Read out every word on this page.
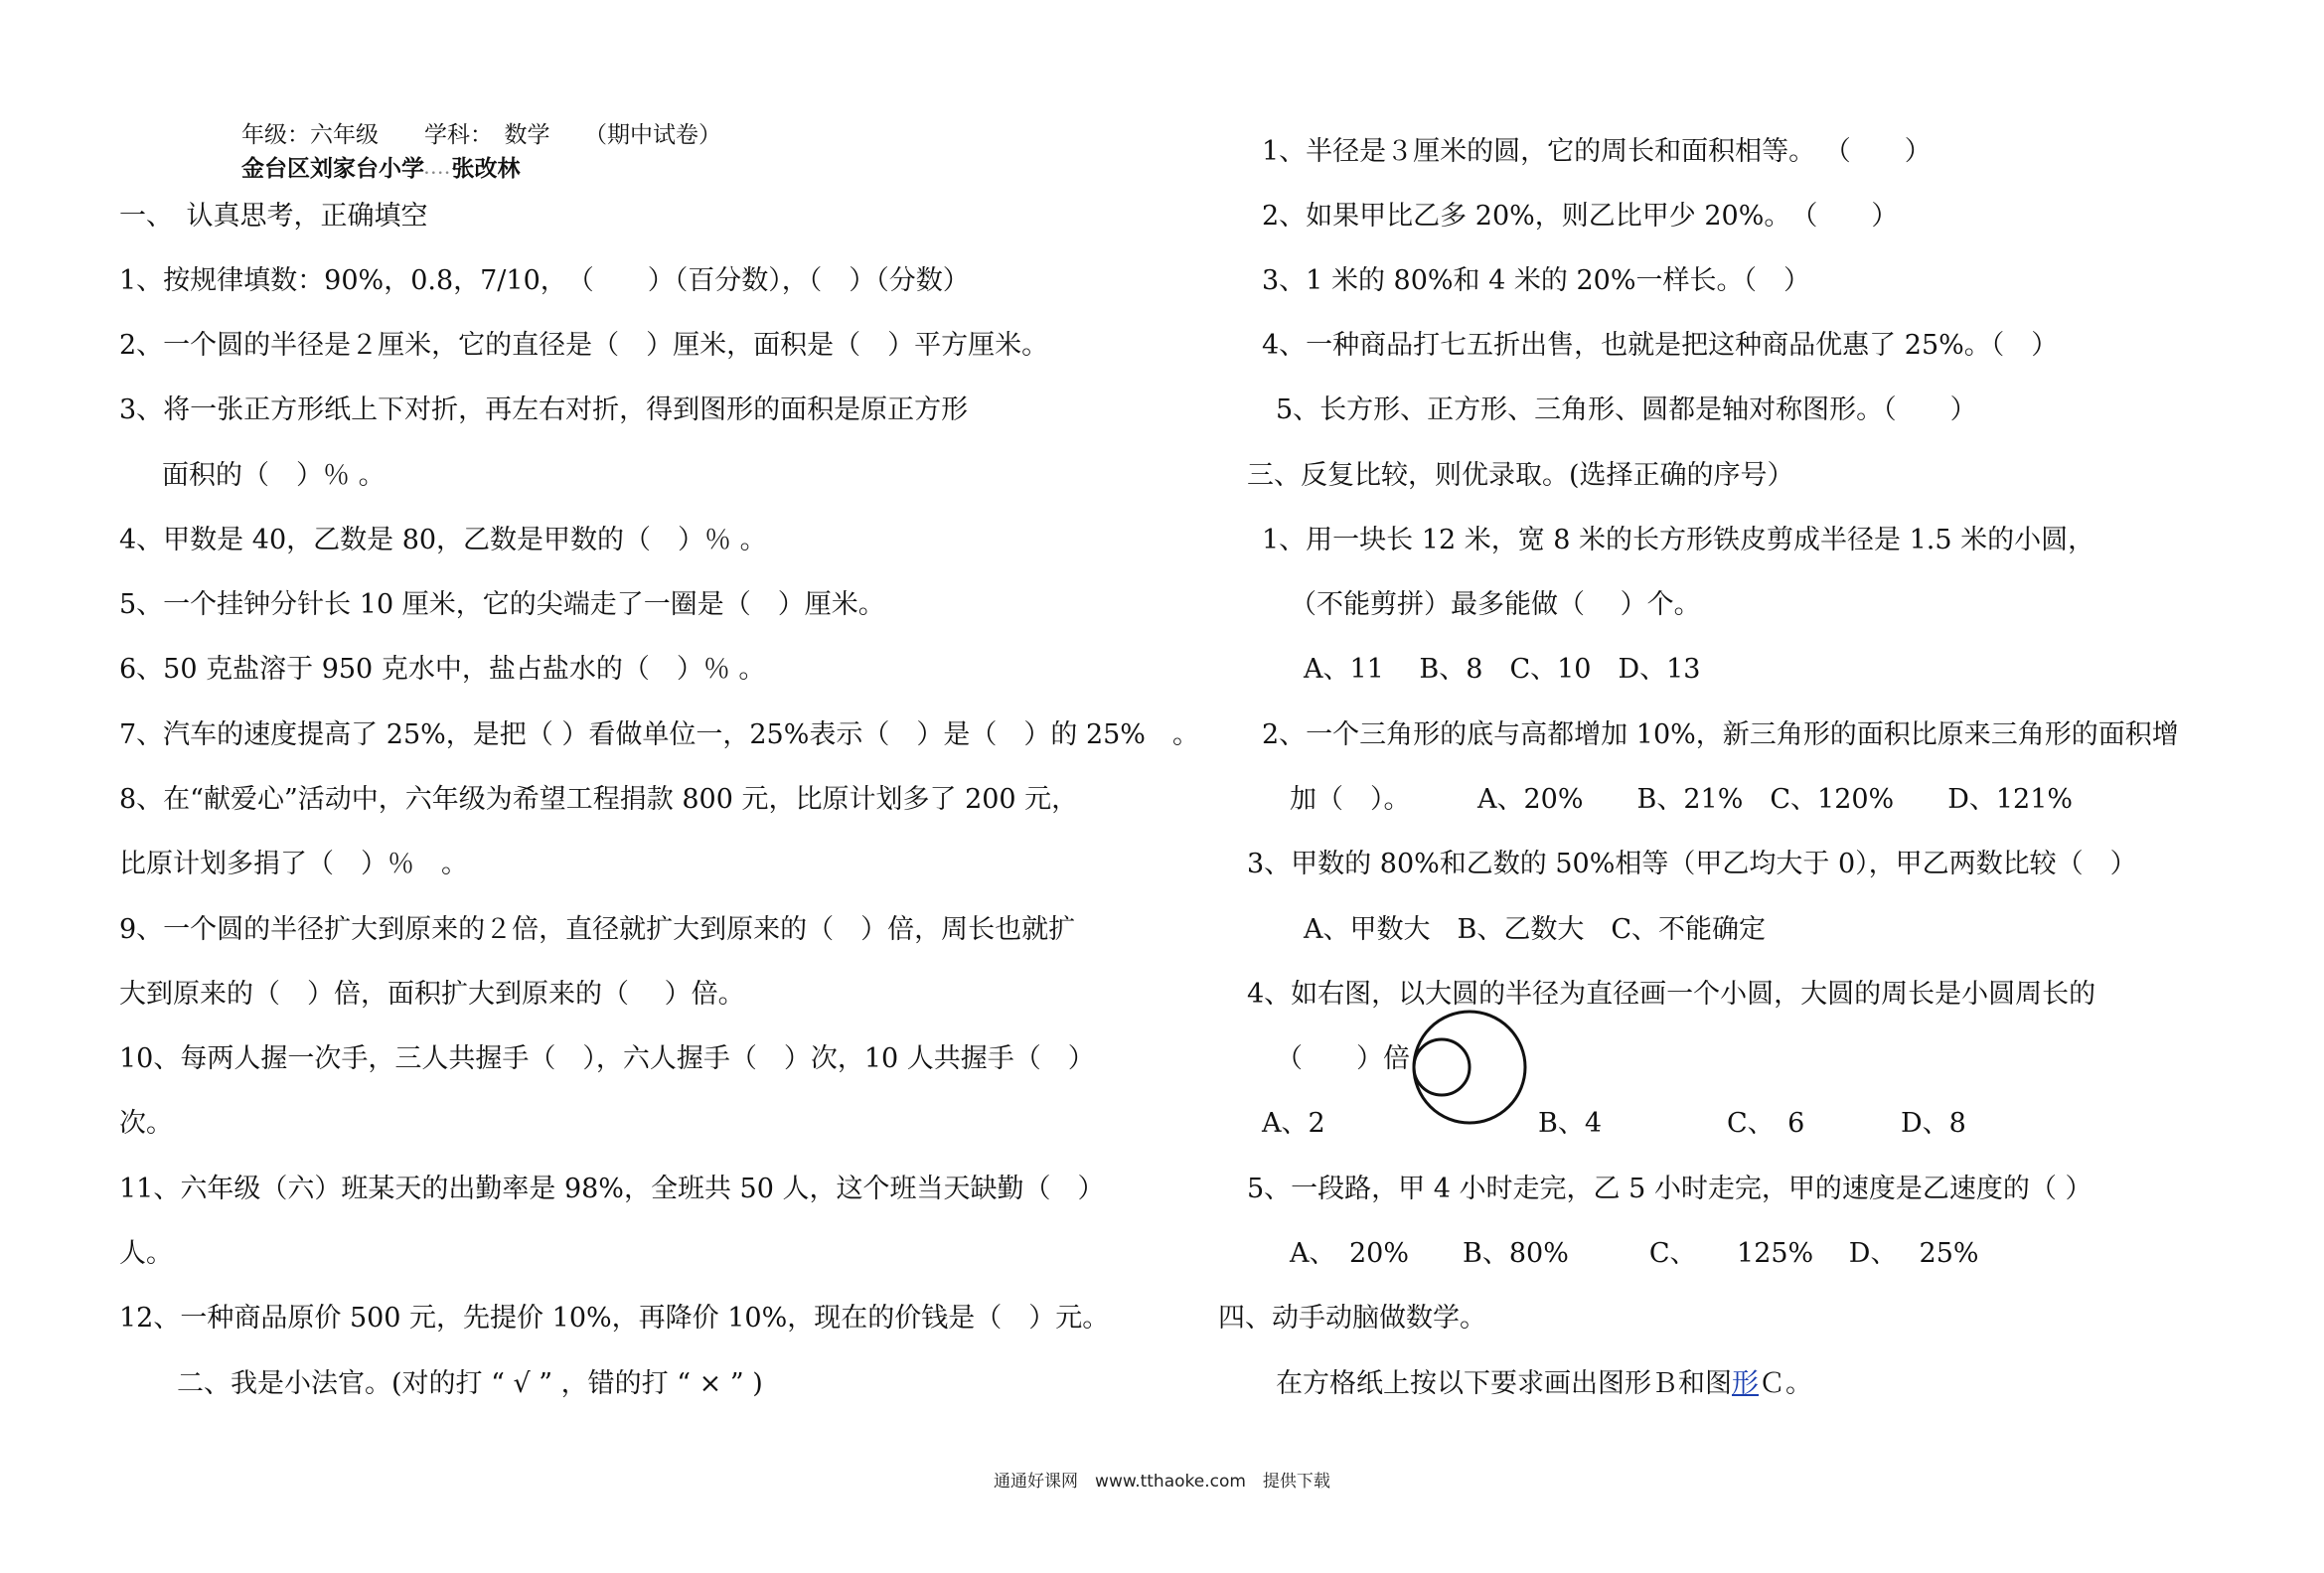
年级：六年级　　学科：　数学　　（期中试卷）
金台区刘家台小学....张改林
一、　认真思考，正确填空
1、按规律填数：90%，0.8，7/10，　（　　）（百分数），（　）（分数）
2、一个圆的半径是２厘米，它的直径是（　）厘米，面积是（　）平方厘米。
3、将一张正方形纸上下对折，再左右对折，得到图形的面积是原正方形
面积的（　）％ 。
4、甲数是 40，乙数是 80，乙数是甲数的（　）％ 。
5、一个挂钟分针长 10 厘米，它的尖端走了一圈是（　）厘米。
6、50 克盐溶于 950 克水中，盐占盐水的（　）％ 。
7、汽车的速度提高了 25%，是把（ ）看做单位一，25%表示（　）是（　）的 25%　。
8、在“献爱心”活动中，六年级为希望工程捐款 800 元，比原计划多了 200 元，
比原计划多捐了（　）％　。
9、一个圆的半径扩大到原来的２倍，直径就扩大到原来的（　）倍，周长也就扩
大到原来的（　）倍，面积扩大到原来的（　 ）倍。
10、每两人握一次手，三人共握手（　），六人握手（　）次，10 人共握手（　）
次。
11、六年级（六）班某天的出勤率是 98%，全班共 50 人，这个班当天缺勤（　）
人。
12、一种商品原价 500 元，先提价 10%，再降价 10%，现在的价钱是（　）元。
二、我是小法官。(对的打 “ √ ” ，错的打 “ × ” )
1、半径是３厘米的圆，它的周长和面积相等。 （　　）
2、如果甲比乙多 20%，则乙比甲少 20%。　（　　）
3、1 米的 80%和 4 米的 20%一样长。（　）
4、一种商品打七五折出售，也就是把这种商品优惠了 25%。（　）
5、长方形、正方形、三角形、圆都是轴对称图形。（　　）
三、反复比较，则优录取。(选择正确的序号）
1、用一块长 12 米，宽 8 米的长方形铁皮剪成半径是 1.5 米的小圆，
（不能剪拼）最多能做（　 ）个。
A、11　 B、8　C、10　D、13
2、一个三角形的底与高都增加 10%，新三角形的面积比原来三角形的面积增
加（　）。　　　A、20%　　B、21%　C、120%　　D、121%
3、甲数的 80%和乙数的 50%相等（甲乙均大于 0），甲乙两数比较（　）
A、甲数大　B、乙数大　C、不能确定
4、如右图，以大圆的半径为直径画一个小圆，大圆的周长是小圆周长的
（　　）倍
A、2	B、4	C、　6	D、8
5、一段路，甲 4 小时走完，乙 5 小时走完，甲的速度是乙速度的（ ）
A、　20%　　B、80%　　　C、　　125%　 D、　 25%
四、动手动脑做数学。
在方格纸上按以下要求画出图形Ｂ和图形Ｃ。
通通好课网　www.tthaoke.com　提供下载
